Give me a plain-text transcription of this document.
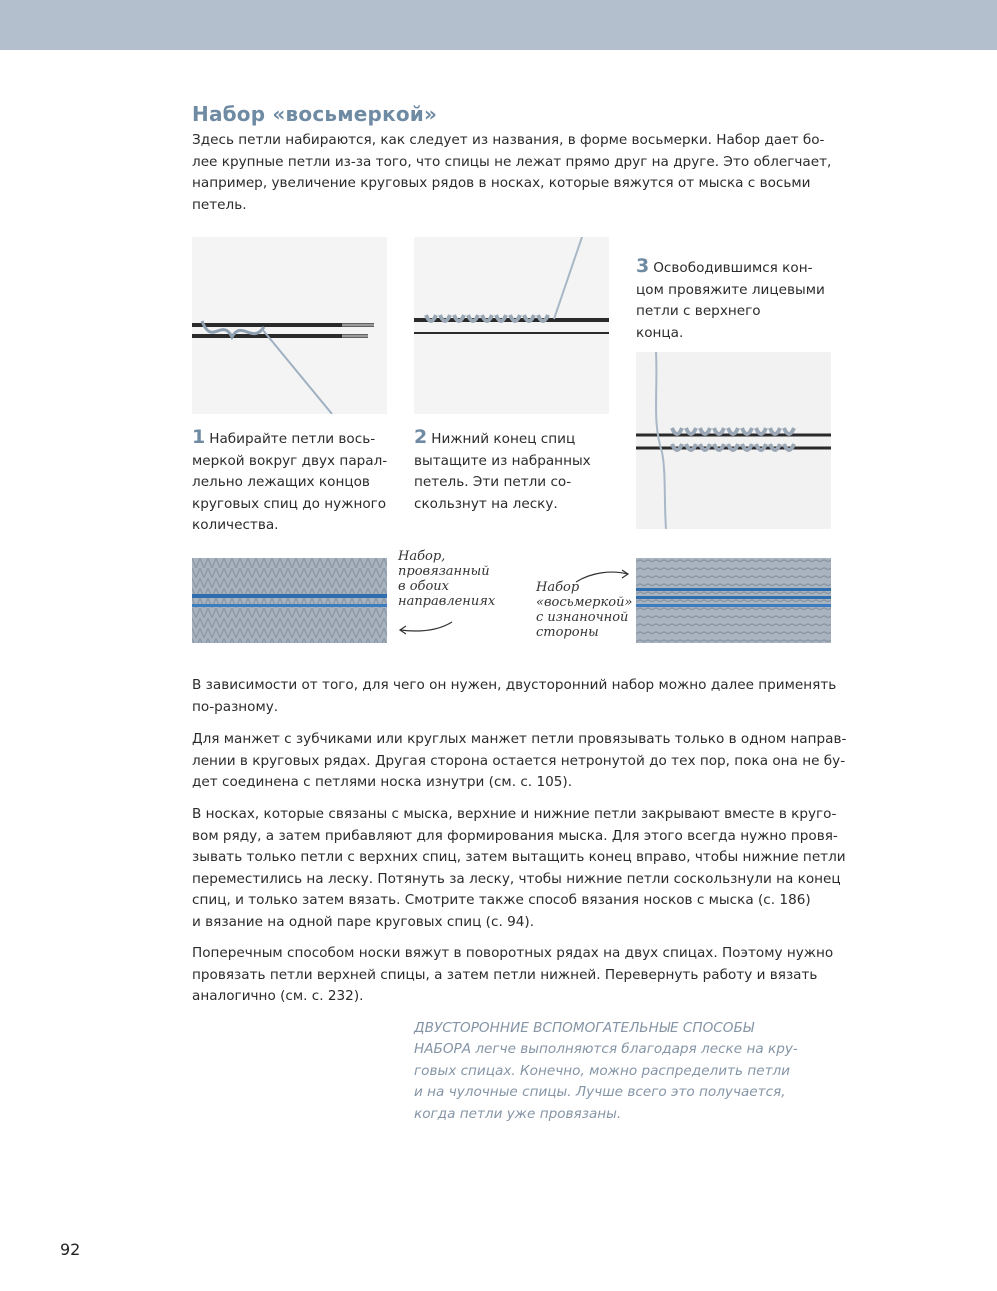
Набор «восьмеркой»
Здесь петли набираются, как следует из названия, в форме восьмерки. Набор дает бо-
лее крупные петли из-за того, что спицы не лежат прямо друг на друге. Это облегчает,
например, увеличение круговых рядов в носках, которые вяжутся от мыска с восьми
петель.
3 Освободившимся кон-
цом провяжите лицевыми
петли с верхнего
конца.
1 Набирайте петли вось-
меркой вокруг двух парал-
лельно лежащих концов
круговых спиц до нужного
количества.
2 Нижний конец спиц
вытащите из набранных
петель. Эти петли со-
скользнут на леску.
Набор,
провязанный
в обоих
направлениях
Набор
«восьмеркой»
с изнаночной
стороны
В зависимости от того, для чего он нужен, двусторонний набор можно далее применять
по-разному.
Для манжет с зубчиками или круглых манжет петли провязывать только в одном направ-
лении в круговых рядах. Другая сторона остается нетронутой до тех пор, пока она не бу-
дет соединена с петлями носка изнутри (см. с. 105).
В носках, которые связаны с мыска, верхние и нижние петли закрывают вместе в круго-
вом ряду, а затем прибавляют для формирования мыска. Для этого всегда нужно провя-
зывать только петли с верхних спиц, затем вытащить конец вправо, чтобы нижние петли
переместились на леску. Потянуть за леску, чтобы нижние петли соскользнули на конец
спиц, и только затем вязать. Смотрите также способ вязания носков с мыска (с. 186)
и вязание на одной паре круговых спиц (с. 94).
Поперечным способом носки вяжут в поворотных рядах на двух спицах. Поэтому нужно
провязать петли верхней спицы, а затем петли нижней. Перевернуть работу и вязать
аналогично (см. с. 232).
ДВУСТОРОННИЕ ВСПОМОГАТЕЛЬНЫЕ СПОСОБЫ
НАБОРА легче выполняются благодаря леске на кру-
говых спицах. Конечно, можно распределить петли
и на чулочные спицы. Лучше всего это получается,
когда петли уже провязаны.
92
